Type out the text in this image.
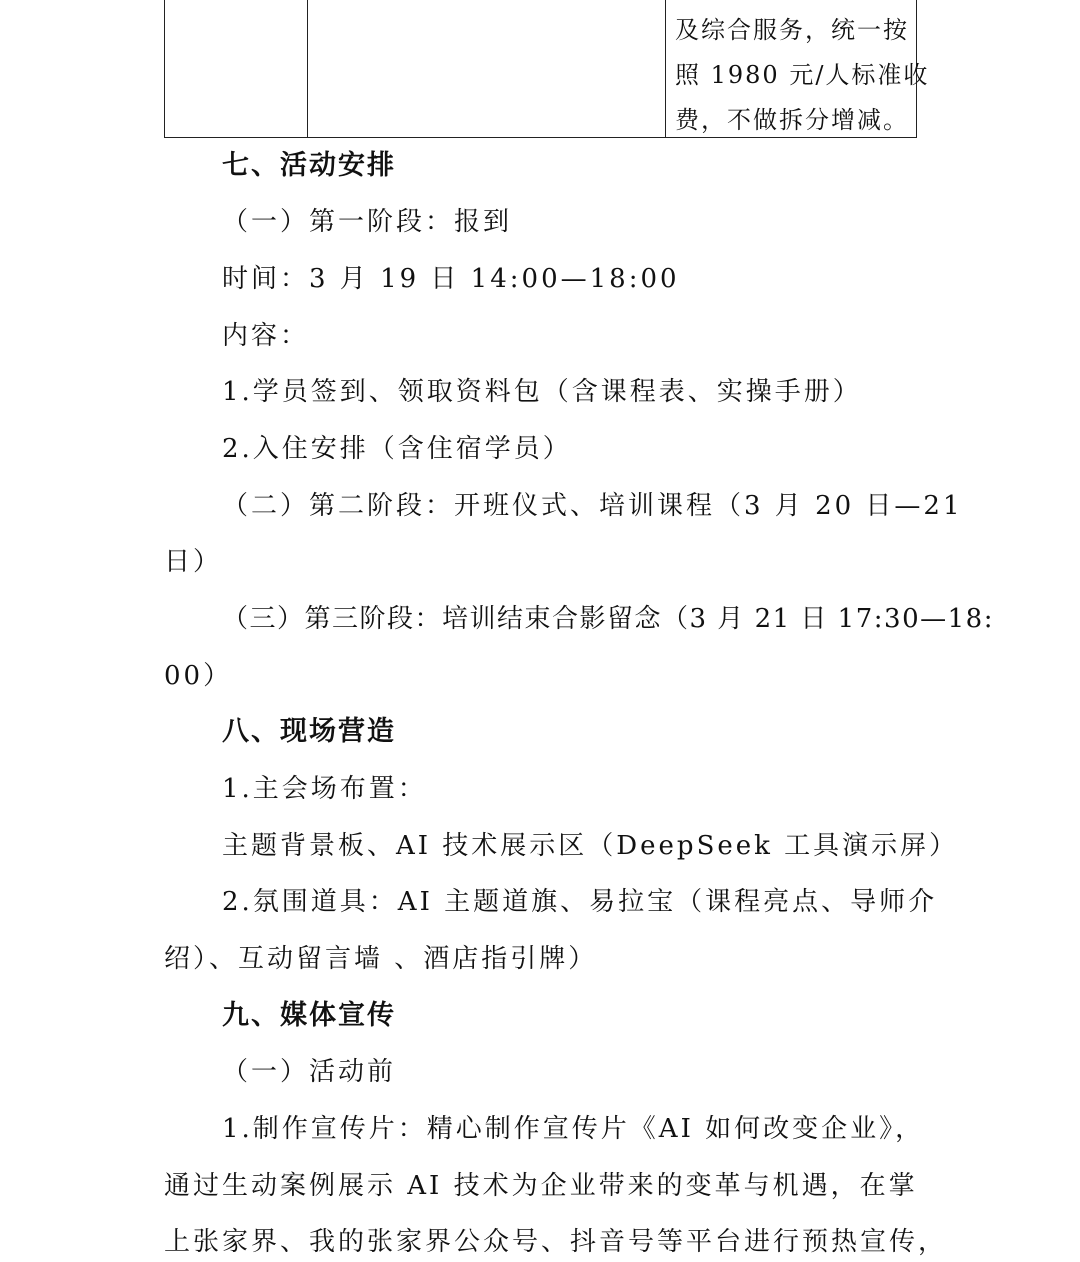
及综合服务，统一按
照 1980 元/人标准收
费，不做拆分增减。
七、活动安排
（一）第一阶段：报到
时间：3 月 19 日 14:00—18:00
内容：
1.学员签到、领取资料包（含课程表、实操手册）
2.入住安排（含住宿学员）
（二）第二阶段：开班仪式、培训课程（3 月 20 日—21
日）
（三）第三阶段：培训结束合影留念（3 月 21 日 17:30—18:
00）
八、现场营造
1.主会场布置：
主题背景板、AI 技术展示区（DeepSeek 工具演示屏）
2.氛围道具：AI 主题道旗、易拉宝（课程亮点、导师介
绍）、互动留言墙 、酒店指引牌）
九、媒体宣传
（一）活动前
1.制作宣传片：精心制作宣传片《AI 如何改变企业》，
通过生动案例展示 AI 技术为企业带来的变革与机遇，在掌
上张家界、我的张家界公众号、抖音号等平台进行预热宣传，
